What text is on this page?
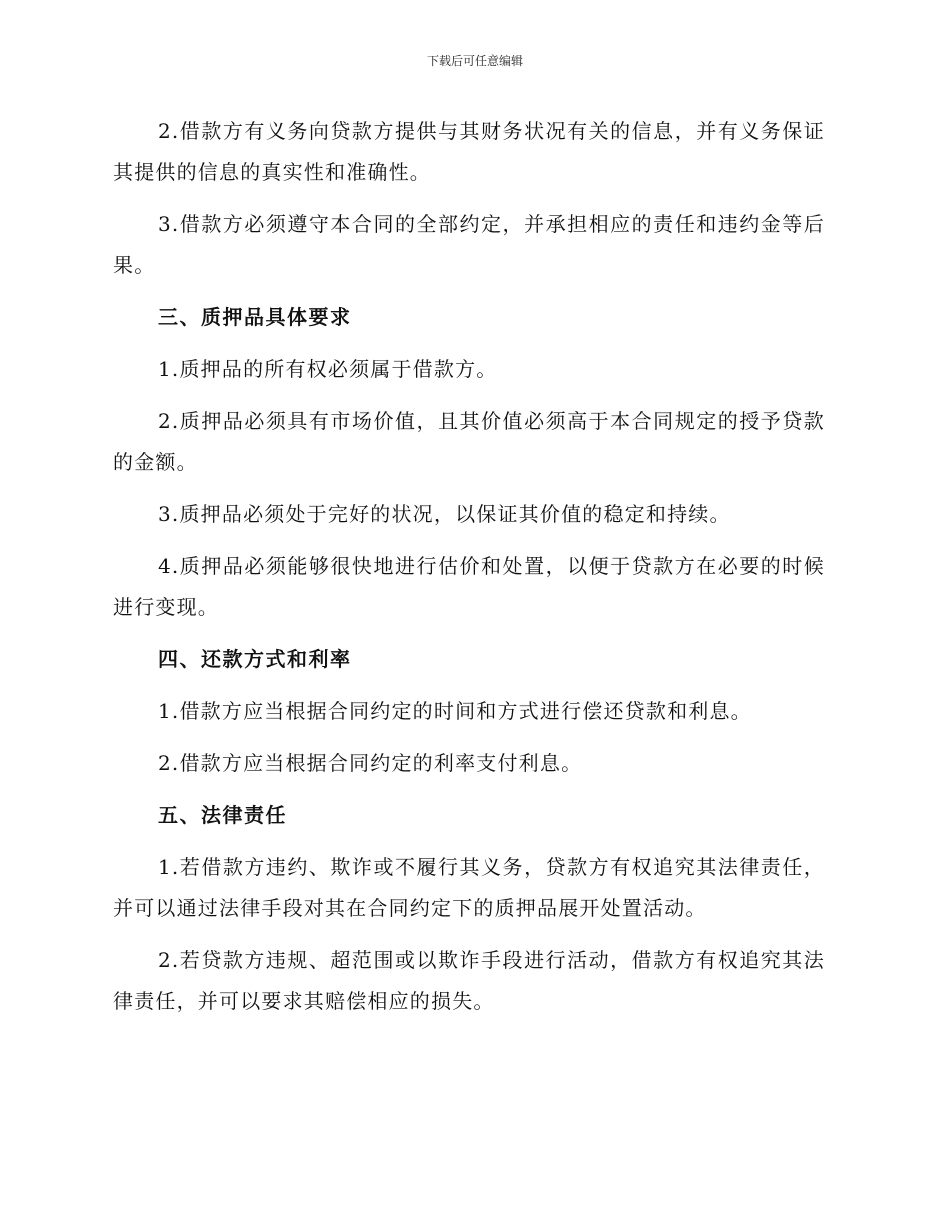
下载后可任意编辑

2.借款方有义务向贷款方提供与其财务状况有关的信息，并有义务保证其提供的信息的真实性和准确性。

3.借款方必须遵守本合同的全部约定，并承担相应的责任和违约金等后果。

三、质押品具体要求

1.质押品的所有权必须属于借款方。

2.质押品必须具有市场价值，且其价值必须高于本合同规定的授予贷款的金额。

3.质押品必须处于完好的状况，以保证其价值的稳定和持续。

4.质押品必须能够很快地进行估价和处置，以便于贷款方在必要的时候进行变现。

四、还款方式和利率

1.借款方应当根据合同约定的时间和方式进行偿还贷款和利息。

2.借款方应当根据合同约定的利率支付利息。

五、法律责任

1.若借款方违约、欺诈或不履行其义务，贷款方有权追究其法律责任，并可以通过法律手段对其在合同约定下的质押品展开处置活动。

2.若贷款方违规、超范围或以欺诈手段进行活动，借款方有权追究其法律责任，并可以要求其赔偿相应的损失。
